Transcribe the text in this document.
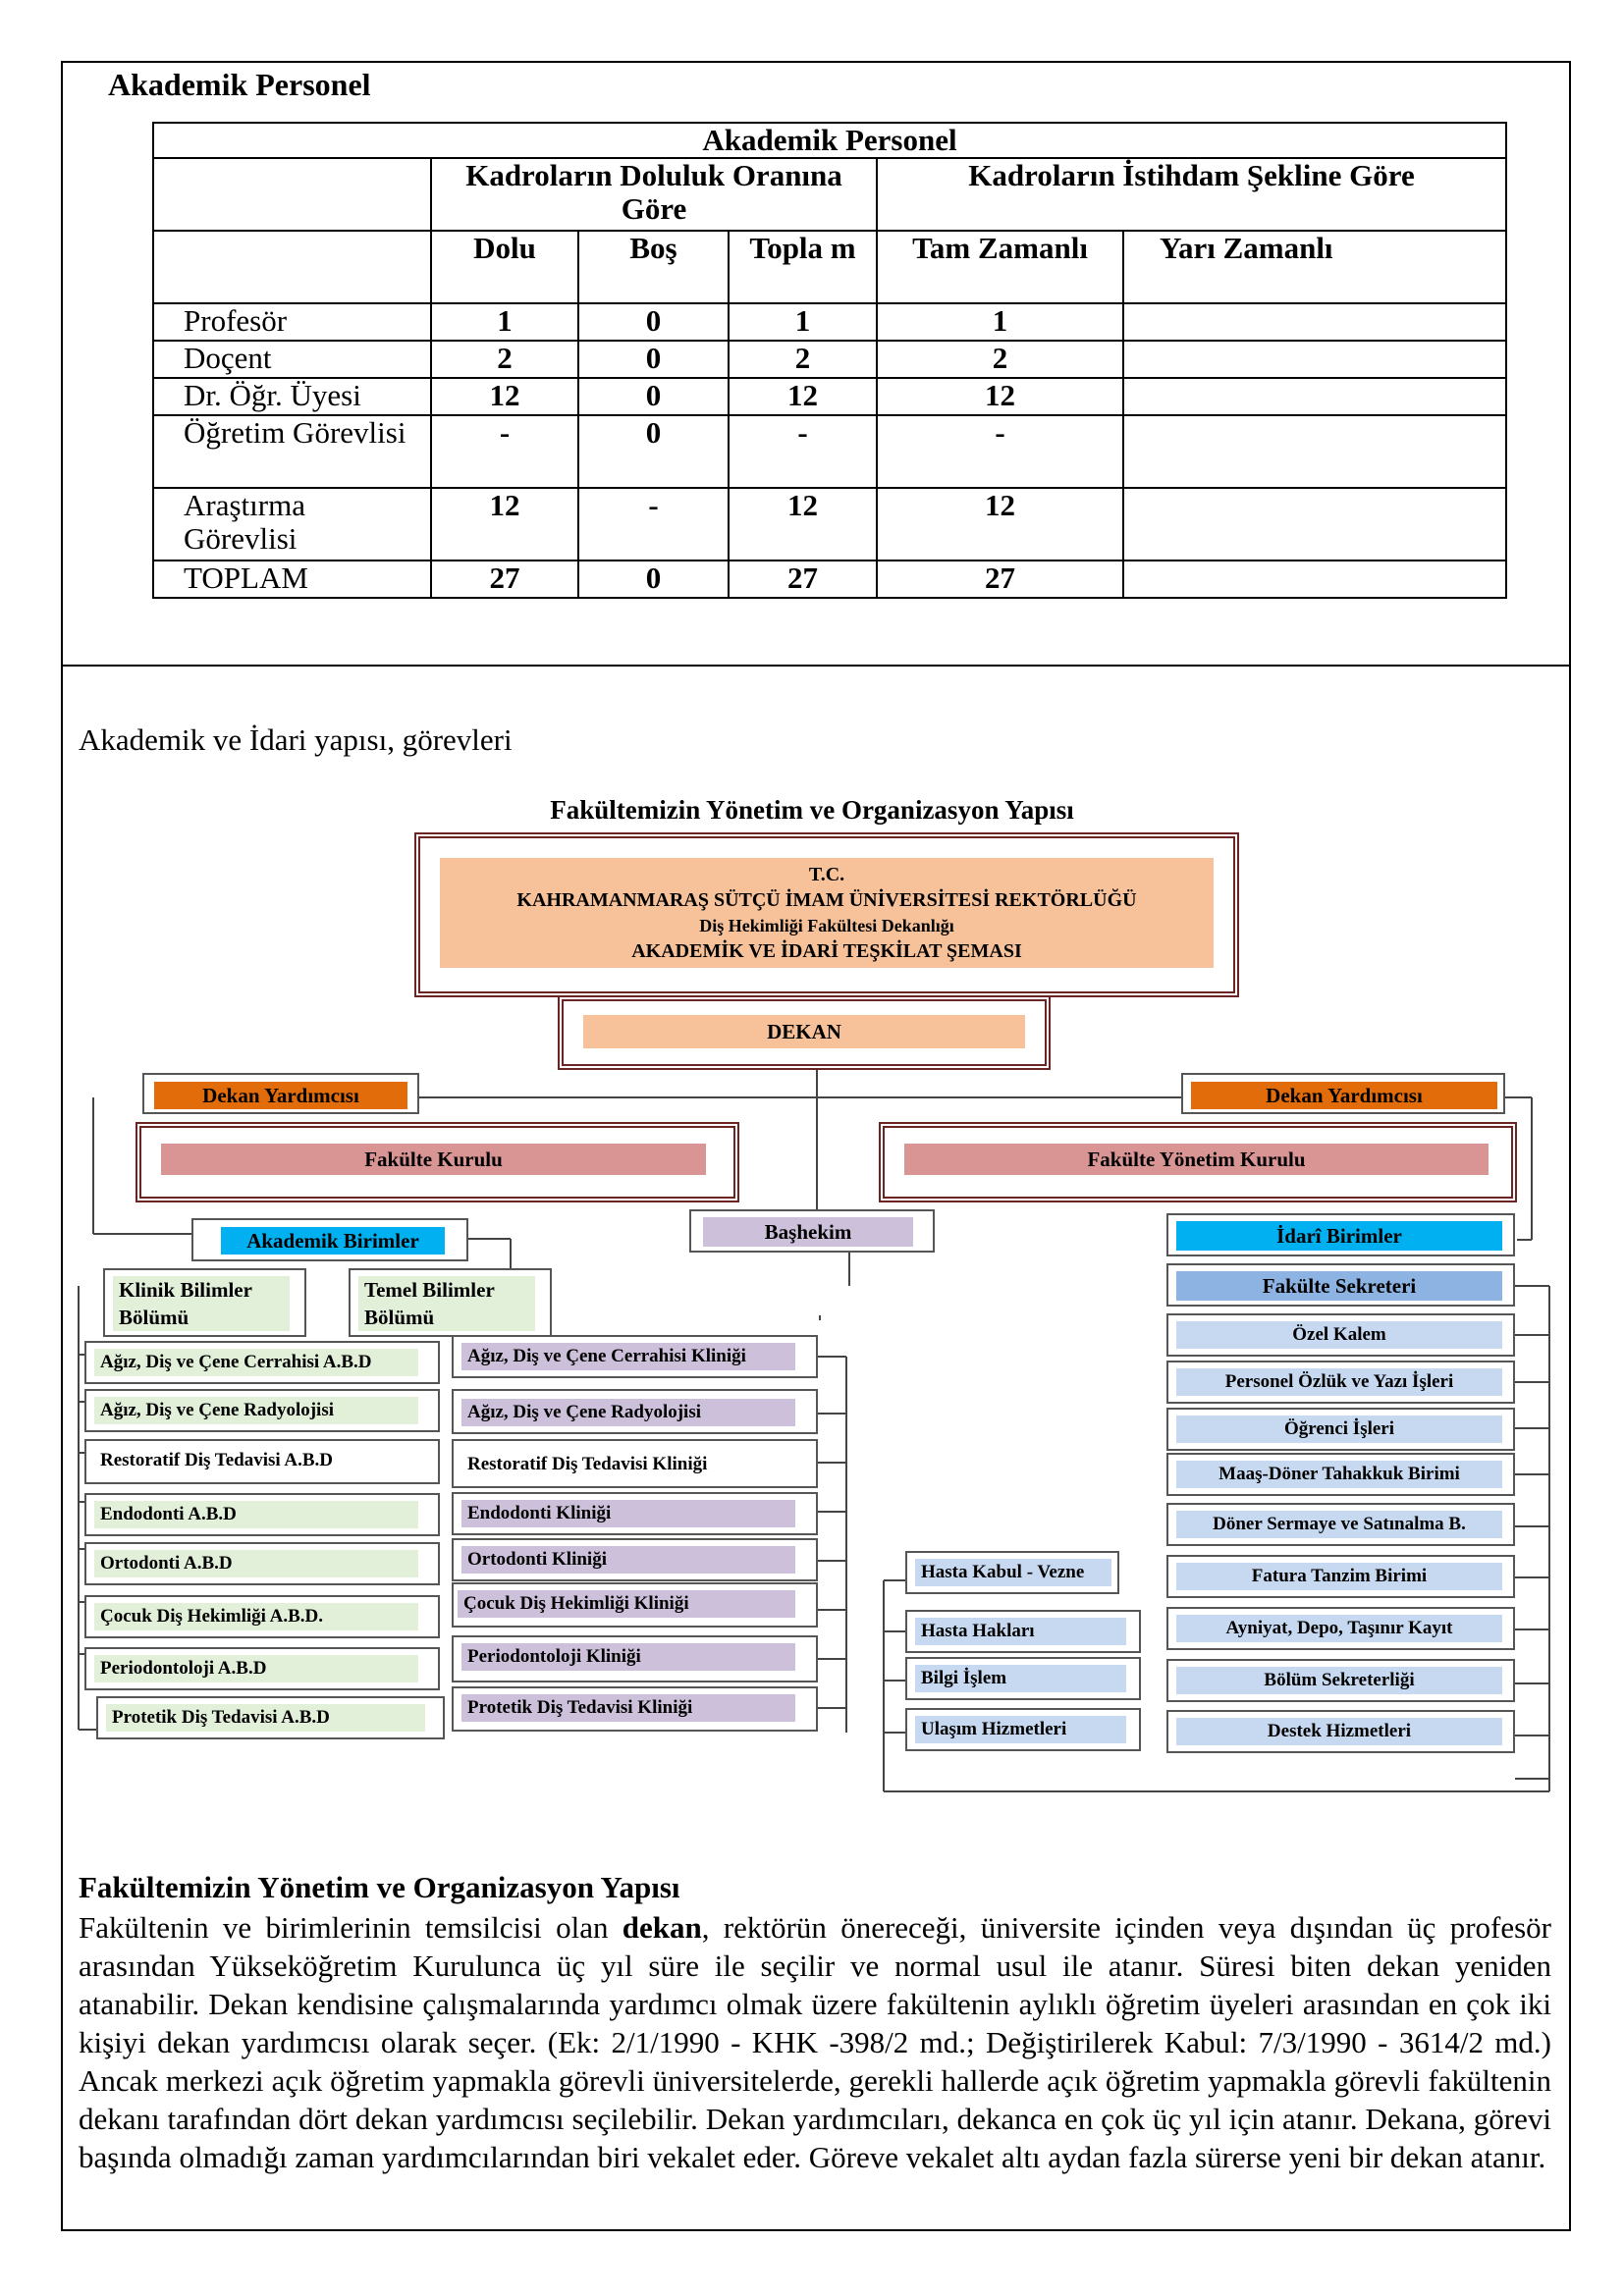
Akademik Personel
Akademik Personel					
	Kadroların Doluluk Oranına Göre			Kadroların İstihdam Şekline Göre	
	Dolu	Boş	Topla m	Tam Zamanlı	Yarı Zamanlı
Profesör	1	0	1	1	
Doçent	2	0	2	2	
Dr. Öğr. Üyesi	12	0	12	12	
Öğretim Görevlisi	-	0	-	-	
Araştırma Görevlisi	12	-	12	12	
TOPLAM	27	0	27	27	
Akademik ve İdari yapısı, görevleri
Fakültemizin Yönetim ve Organizasyon Yapısı
T.C.
KAHRAMANMARAŞ SÜTÇÜ İMAM ÜNİVERSİTESİ REKTÖRLÜĞÜ
Diş Hekimliği Fakültesi Dekanlığı
AKADEMİK VE İDARİ TEŞKİLAT ŞEMASI
DEKAN
Dekan Yardımcısı	Dekan Yardımcısı
Fakülte Kurulu	Fakülte Yönetim Kurulu
Akademik Birimler	Başhekim	İdarî Birimler
Klinik Bilimler Bölümü
Temel Bilimler Bölümü
Fakülte Sekreteri
Ağız, Diş ve Çene Cerrahisi A.B.D
Ağız, Diş ve Çene Radyolojisi
Restoratif Diş Tedavisi A.B.D
Endodonti A.B.D
Ortodonti A.B.D
Çocuk Diş Hekimliği A.B.D.
Periodontoloji A.B.D
Protetik Diş Tedavisi A.B.D
Ağız, Diş ve Çene Cerrahisi Kliniği
Ağız, Diş ve Çene Radyolojisi
Restoratif Diş Tedavisi Kliniği
Endodonti Kliniği
Ortodonti Kliniği
Çocuk Diş Hekimliği Kliniği
Periodontoloji Kliniği
Protetik Diş Tedavisi Kliniği
Hasta Kabul - Vezne
Hasta Hakları
Bilgi İşlem
Ulaşım Hizmetleri
Özel Kalem
Personel Özlük ve Yazı İşleri
Öğrenci İşleri
Maaş-Döner Tahakkuk Birimi
Döner Sermaye ve Satınalma B.
Fatura Tanzim Birimi
Ayniyat, Depo, Taşınır Kayıt
Bölüm Sekreterliği
Destek Hizmetleri
Fakültemizin Yönetim ve Organizasyon Yapısı
Fakültenin ve birimlerinin temsilcisi olan dekan, rektörün önereceği, üniversite içinden veya dışından üç profesör arasından Yükseköğretim Kurulunca üç yıl süre ile seçilir ve normal usul ile atanır. Süresi biten dekan yeniden atanabilir. Dekan kendisine çalışmalarında yardımcı olmak üzere fakültenin aylıklı öğretim üyeleri arasından en çok iki kişiyi dekan yardımcısı olarak seçer. (Ek: 2/1/1990 - KHK -398/2 md.; Değiştirilerek Kabul: 7/3/1990 - 3614/2 md.) Ancak merkezi açık öğretim yapmakla görevli üniversitelerde, gerekli hallerde açık öğretim yapmakla görevli fakültenin dekanı tarafından dört dekan yardımcısı seçilebilir. Dekan yardımcıları, dekanca en çok üç yıl için atanır. Dekana, görevi başında olmadığı zaman yardımcılarından biri vekalet eder. Göreve vekalet altı aydan fazla sürerse yeni bir dekan atanır.
